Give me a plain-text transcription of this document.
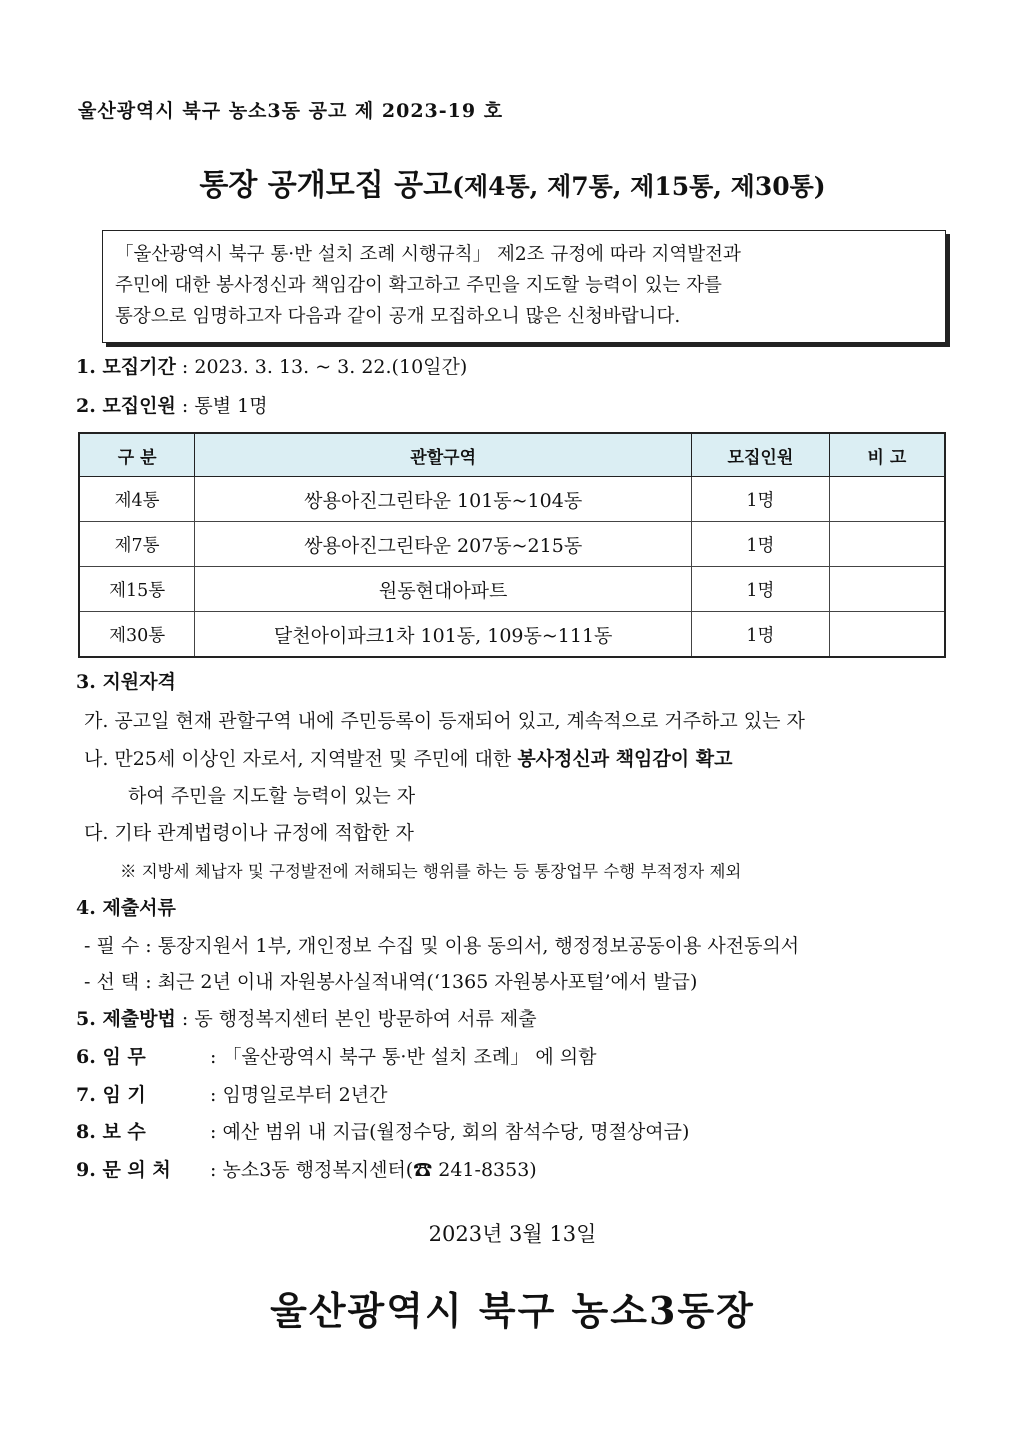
울산광역시 북구 농소3동 공고 제 2023-19 호
통장 공개모집 공고(제4통, 제7통, 제15통, 제30통)
「울산광역시 북구 통·반 설치 조례 시행규칙」 제2조 규정에 따라 지역발전과
주민에 대한 봉사정신과 책임감이 확고하고 주민을 지도할 능력이 있는 자를
통장으로 임명하고자 다음과 같이 공개 모집하오니 많은 신청바랍니다.
1. 모집기간 : 2023. 3. 13. ~ 3. 22.(10일간)
2. 모집인원 : 통별 1명
구 분	관할구역	모집인원	비 고
제4통	쌍용아진그린타운 101동~104동	1명	
제7통	쌍용아진그린타운 207동~215동	1명	
제15통	원동현대아파트	1명	
제30통	달천아이파크1차 101동, 109동~111동	1명	
3. 지원자격
가. 공고일 현재 관할구역 내에 주민등록이 등재되어 있고, 계속적으로 거주하고 있는 자
나. 만25세 이상인 자로서, 지역발전 및 주민에 대한 봉사정신과 책임감이 확고
하여 주민을 지도할 능력이 있는 자
다. 기타 관계법령이나 규정에 적합한 자
※ 지방세 체납자 및 구정발전에 저해되는 행위를 하는 등 통장업무 수행 부적정자 제외
4. 제출서류
- 필 수 : 통장지원서 1부, 개인정보 수집 및 이용 동의서, 행정정보공동이용 사전동의서
- 선 택 : 최근 2년 이내 자원봉사실적내역(‘1365 자원봉사포털’에서 발급)
5. 제출방법 : 동 행정복지센터 본인 방문하여 서류 제출
6. 임 무	: 「울산광역시 북구 통·반 설치 조례」 에 의함
7. 임 기	: 임명일로부터 2년간
8. 보 수	: 예산 범위 내 지급(월정수당, 회의 참석수당, 명절상여금)
9. 문 의 처 : 농소3동 행정복지센터(☎ 241-8353)
2023년 3월 13일
울산광역시 북구 농소3동장
